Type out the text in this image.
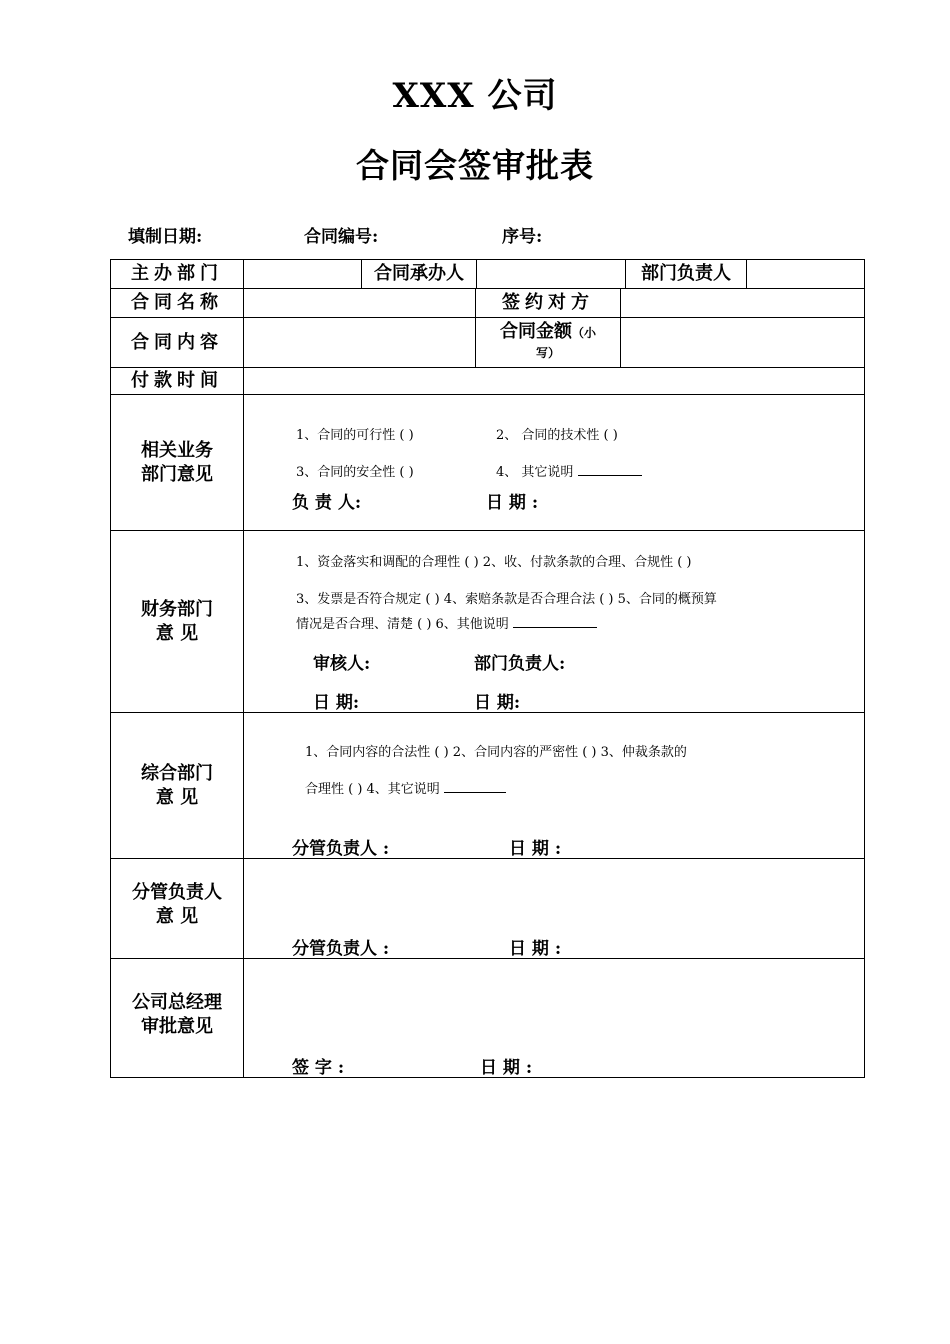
XXX 公司
合同会签审批表
填制日期:	合同编号:	序号:
主办部门	合同承办人	部门负责人
合同名称	签约对方
合同内容	合同金额（小
写）
付款时间
相关业务
部门意见
1、合同的可行性 ( )	2、 合同的技术性 ( )
3、合同的安全性 ( )	4、 其它说明
负 责 人:	日 期 :
财务部门
意 见
1、资金落实和调配的合理性 ( ) 2、收、付款条款的合理、合规性 ( )
3、发票是否符合规定 ( ) 4、索赔条款是否合理合法 ( ) 5、合同的概预算
情况是否合理、清楚 ( ) 6、其他说明
审核人:	部门负责人:
日 期:	日 期:
综合部门
意 见
1、合同内容的合法性 ( ) 2、合同内容的严密性 ( ) 3、仲裁条款的
合理性 ( ) 4、其它说明
分管负责人 :	日 期 :
分管负责人
意 见
分管负责人 :	日 期 :
公司总经理
审批意见
签 字 :	日 期 :
